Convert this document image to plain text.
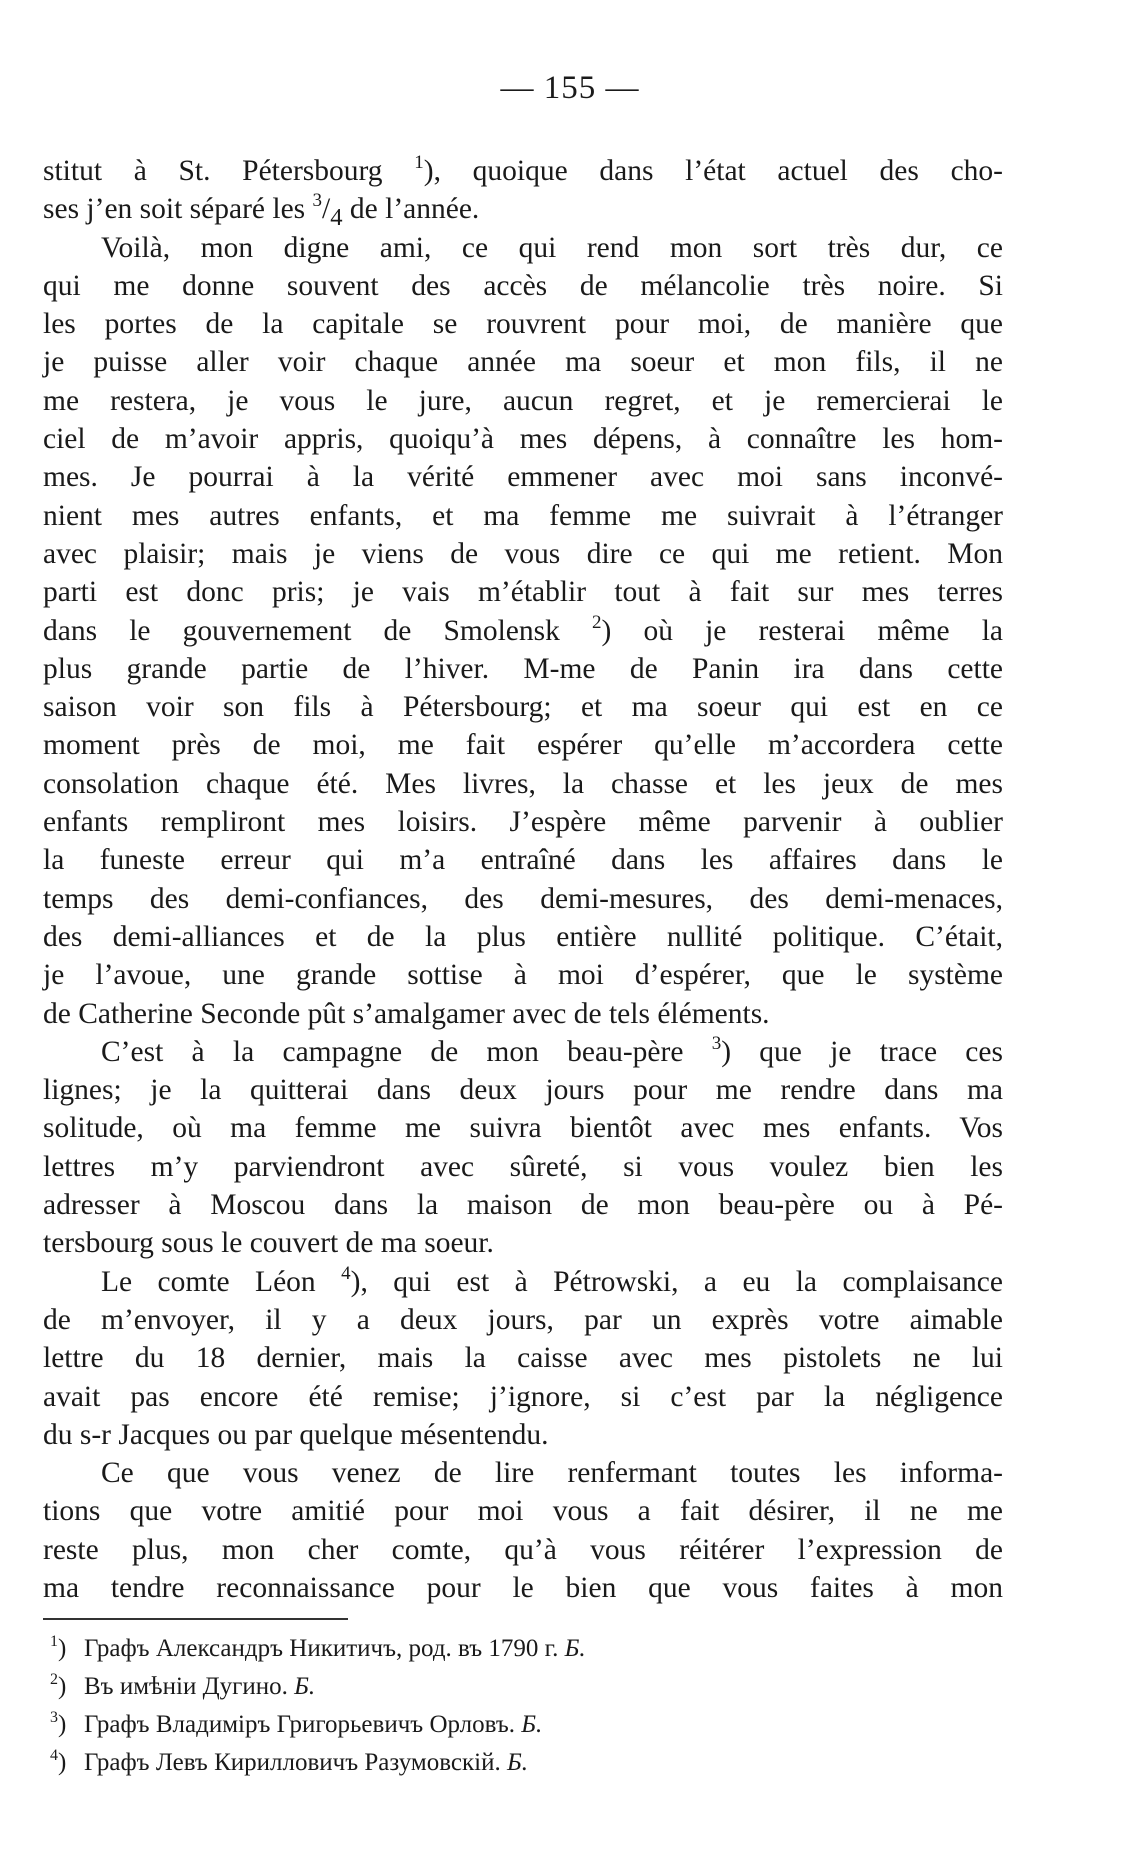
— 155 —
stitut à St. Pétersbourg $^1$), quoique dans l’état actuel des cho-
ses j’en soit séparé les $^3/_4$ de l’année.
Voilà, mon digne ami, ce qui rend mon sort très dur, ce
qui me donne souvent des accès de mélancolie très noire. Si
les portes de la capitale se rouvrent pour moi, de manière que
je puisse aller voir chaque année ma soeur et mon fils, il ne
me restera, je vous le jure, aucun regret, et je remercierai le
ciel de m’avoir appris, quoiqu’à mes dépens, à connaître les hom-
mes. Je pourrai à la vérité emmener avec moi sans inconvé-
nient mes autres enfants, et ma femme me suivrait à l’étranger
avec plaisir; mais je viens de vous dire ce qui me retient. Mon
parti est donc pris; je vais m’établir tout à fait sur mes terres
dans le gouvernement de Smolensk $^2$) où je resterai même la
plus grande partie de l’hiver. M-me de Panin ira dans cette
saison voir son fils à Pétersbourg; et ma soeur qui est en ce
moment près de moi, me fait espérer qu’elle m’accordera cette
consolation chaque été. Mes livres, la chasse et les jeux de mes
enfants rempliront mes loisirs. J’espère même parvenir à oublier
la funeste erreur qui m’a entraîné dans les affaires dans le
temps des demi-confiances, des demi-mesures, des demi-menaces,
des demi-alliances et de la plus entière nullité politique. C’était,
je l’avoue, une grande sottise à moi d’espérer, que le système
de Catherine Seconde pût s’amalgamer avec de tels éléments.
C’est à la campagne de mon beau-père $^3$) que je trace ces
lignes; je la quitterai dans deux jours pour me rendre dans ma
solitude, où ma femme me suivra bientôt avec mes enfants. Vos
lettres m’y parviendront avec sûreté, si vous voulez bien les
adresser à Moscou dans la maison de mon beau-père ou à Pé-
tersbourg sous le couvert de ma soeur.
Le comte Léon $^4$), qui est à Pétrowski, a eu la complaisance
de m’envoyer, il y a deux jours, par un exprès votre aimable
lettre du 18 dernier, mais la caisse avec mes pistolets ne lui
avait pas encore été remise; j’ignore, si c’est par la négligence
du s-r Jacques ou par quelque mésentendu.
Ce que vous venez de lire renfermant toutes les informa-
tions que votre amitié pour moi vous a fait désirer, il ne me
reste plus, mon cher comte, qu’à vous réitérer l’expression de
ma tendre reconnaissance pour le bien que vous faites à mon
$^1$) Графъ Александръ Никитичъ, род. въ 1790 г. Б.
$^2$) Въ имѣнiи Дугино. Б.
$^3$) Графъ Владимiръ Григорьевичъ Орловъ. Б.
$^4$) Графъ Левъ Кирилловичъ Разумовскiй. Б.
